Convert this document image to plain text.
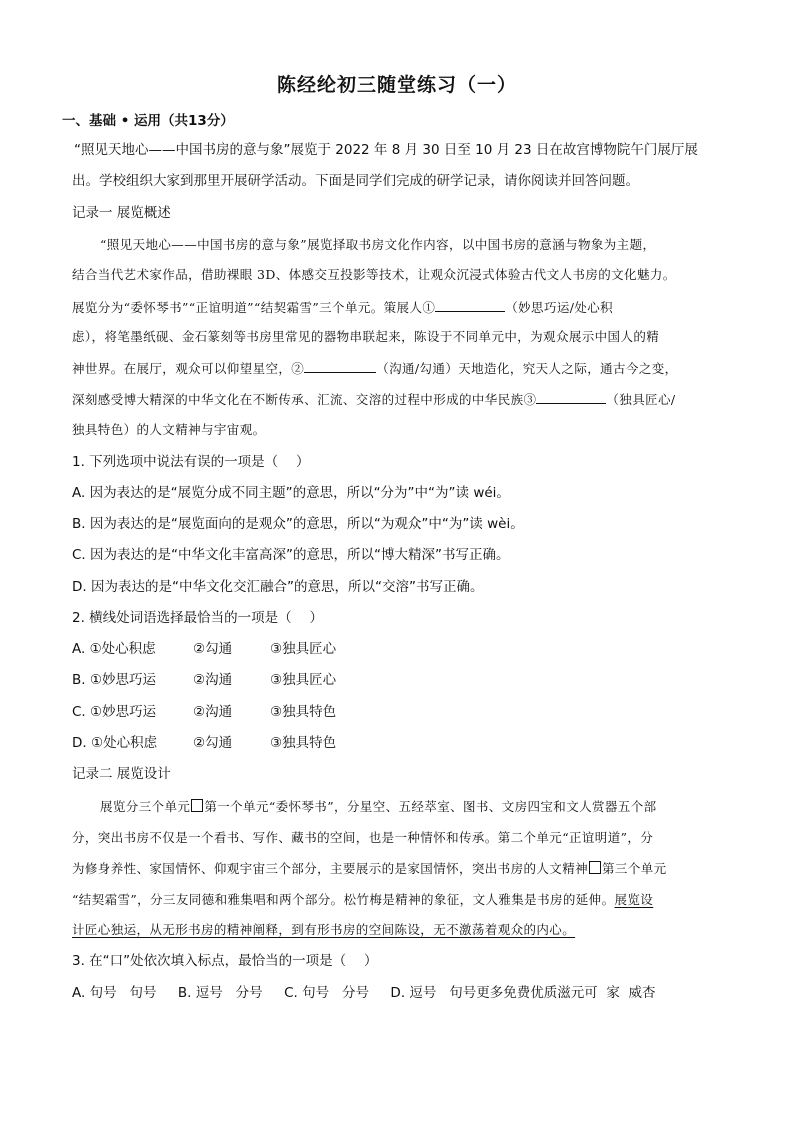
陈经纶初三随堂练习（一）
一、基础 • 运用（共13分）
“照见天地心——中国书房的意与象”展览于 2022 年 8 月 30 日至 10 月 23 日在故宫博物院午门展厅展
出。学校组织大家到那里开展研学活动。下面是同学们完成的研学记录，请你阅读并回答问题。
记录一 展览概述
“照见天地心——中国书房的意与象”展览择取书房文化作内容，以中国书房的意涵与物象为主题，
结合当代艺术家作品，借助裸眼 3D、体感交互投影等技术，让观众沉浸式体验古代文人书房的文化魅力。
展览分为“委怀琴书”“正谊明道”“结契霜雪”三个单元。策展人①	（妙思巧运/处心积
虑），将笔墨纸砚、金石篆刻等书房里常见的器物串联起来，陈设于不同单元中，为观众展示中国人的精
神世界。在展厅，观众可以仰望星空，②	（沟通/勾通）天地造化，究天人之际，通古今之变，
深刻感受博大精深的中华文化在不断传承、汇流、交溶的过程中形成的中华民族③	（独具匠心/
独具特色）的人文精神与宇宙观。
1. 下列选项中说法有误的一项是（　 ）
A. 因为表达的是“展览分成不同主题”的意思，所以“分为”中“为”读 wéi。
B. 因为表达的是“展览面向的是观众”的意思，所以“为观众”中“为”读 wèi。
C. 因为表达的是“中华文化丰富高深”的意思，所以“博大精深”书写正确。
D. 因为表达的是“中华文化交汇融合”的意思，所以“交溶”书写正确。
2. 横线处词语选择最恰当的一项是（　 ）
A. ①处心积虑	②勾通	③独具匠心
B. ①妙思巧运	②沟通	③独具匠心
C. ①妙思巧运	②沟通	③独具特色
D. ①处心积虑	②勾通	③独具特色
记录二 展览设计
展览分三个单元 第一个单元“委怀琴书”，分星空、五经萃室、图书、文房四宝和文人赏器五个部
分，突出书房不仅是一个看书、写作、藏书的空间，也是一种情怀和传承。第二个单元“正谊明道”，分
为修身养性、家国情怀、仰观宇宙三个部分，主要展示的是家国情怀，突出书房的人文精神 第三个单元
“结契霜雪”，分三友同德和雅集唱和两个部分。松竹梅是精神的象征，文人雅集是书房的延伸。展览设
计匠心独运，从无形书房的精神阐释，到有形书房的空间陈设，无不激荡着观众的内心。
3. 在“口”处依次填入标点，最恰当的一项是（　 ）
A. 句号   句号     B. 逗号   分号     C. 句号   分号     D. 逗号   句号更多免费优质滋元可  家  威杏
